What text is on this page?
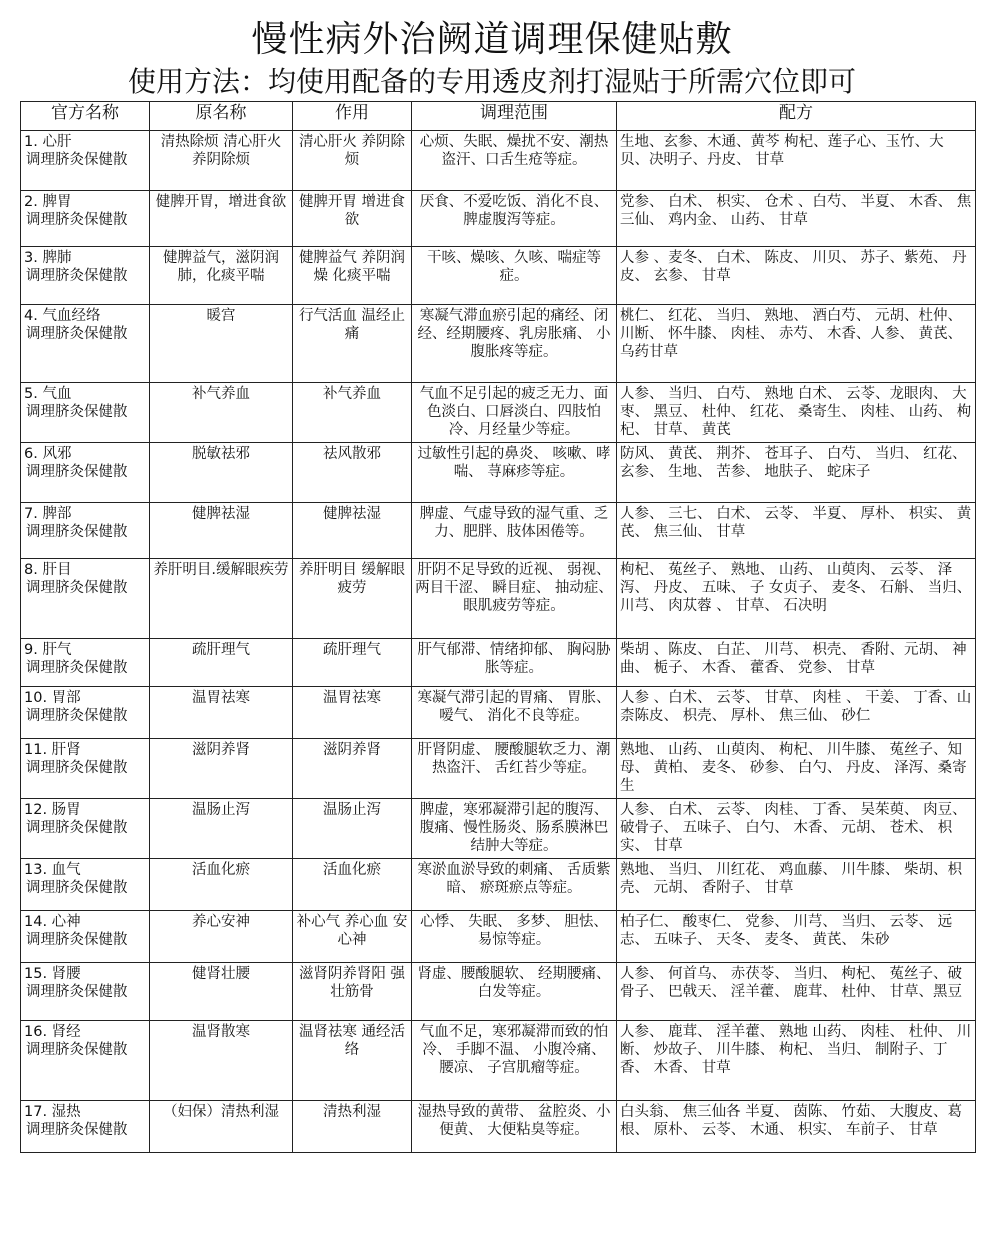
慢性病外治阙道调理保健贴敷
使用方法：均使用配备的专用透皮剂打湿贴于所需穴位即可
官方名称	原名称	作用	调理范围	配方

1. 心肝
调理脐灸保健散	清热除烦 清心肝火 养阴除烦	清心肝火 养阴除烦	心烦、失眠、燥扰不安、潮热盗汗、口舌生疮等症。	生地、玄参、木通、黄芩 枸杞、莲子心、玉竹、大贝、决明子、丹皮、 甘草

2. 脾胃
调理脐灸保健散	健脾开胃，增进食欲	健脾开胃 增进食欲	厌食、不爱吃饭、消化不良、脾虚腹泻等症。	党参、 白术、 枳实、 仓术 、白芍、 半夏、 木香、 焦三仙、 鸡内金、 山药、 甘草

3. 脾肺
调理脐灸保健散	健脾益气，滋阴润肺，化痰平喘	健脾益气 养阴润燥 化痰平喘	干咳、燥咳、久咳、喘症等症。	人参 、麦冬、 白术、 陈皮、 川贝、 苏子、紫苑、 丹皮、 玄参、 甘草

4. 气血经络
调理脐灸保健散	暖宫	行气活血 温经止痛	寒凝气滞血瘀引起的痛经、闭经、经期腰疼、乳房胀痛、 小腹胀疼等症。	桃仁、 红花、 当归、 熟地、 酒白芍、 元胡、杜仲、 川断、 怀牛膝、 肉桂、 赤芍、 木香、人参、 黄芪、 乌药甘草

5. 气血
调理脐灸保健散	补气养血	补气养血	气血不足引起的疲乏无力、面色淡白、口唇淡白、四肢怕冷、月经量少等症。	人参、 当归、 白芍、 熟地 白术、 云苓、龙眼肉、 大枣、 黑豆、 杜仲、 红花、 桑寄生、 肉桂、 山药、 枸杞、 甘草、 黄芪

6. 风邪
调理脐灸保健散	脱敏祛邪	祛风散邪	过敏性引起的鼻炎、 咳嗽、哮喘、 荨麻疹等症。	防风、 黄芪、 荆芥、 苍耳子、 白芍、 当归、 红花、玄参、 生地、 苦参、 地肤子、 蛇床子

7. 脾部
调理脐灸保健散	健脾祛湿	健脾祛湿	脾虚、气虚导致的湿气重、乏力、肥胖、肢体困倦等。	人参、 三七、 白术、 云苓、 半夏、 厚朴、 枳实、 黄芪、 焦三仙、 甘草

8. 肝目
调理脐灸保健散	养肝明目.缓解眼疾劳	养肝明目 缓解眼疲劳	肝阴不足导致的近视、 弱视、 两目干涩、 瞬目症、 抽动症、 眼肌疲劳等症。	枸杞、 菟丝子、 熟地、 山药、 山萸肉、 云苓、 泽泻、 丹皮、 五味、 子 女贞子、 麦冬、 石斛、 当归、 川芎、 肉苁蓉 、 甘草、 石决明

9. 肝气
调理脐灸保健散	疏肝理气	疏肝理气	肝气郁滞、情绪抑郁、 胸闷胁胀等症。	柴胡 、陈皮、 白芷、 川芎、 枳壳、 香附、元胡、 神曲、 栀子、 木香、 藿香、 党参、 甘草

10. 胃部
调理脐灸保健散	温胃祛寒	温胃祛寒	寒凝气滞引起的胃痛、 胃胀、 嗳气、 消化不良等症。	人参 、白术、 云苓、 甘草、 肉桂 、 干姜、 丁香、山柰陈皮、 枳壳、 厚朴、 焦三仙、 砂仁

11. 肝肾
调理脐灸保健散	滋阴养肾	滋阴养肾	肝肾阴虚、 腰酸腿软乏力、潮热盗汗、 舌红苔少等症。	熟地、 山药、 山萸肉、 枸杞、 川牛膝、 菟丝子、知母、 黄柏、 麦冬、 砂参、 白勺、 丹皮、 泽泻、桑寄生

12. 肠胃
调理脐灸保健散	温肠止泻	温肠止泻	脾虚，寒邪凝滞引起的腹泻、腹痛、慢性肠炎、肠系膜淋巴结肿大等症。	人参、 白术、 云苓、 肉桂、 丁香、 吴茱萸、 肉豆、 破骨子、 五味子、 白勺、 木香、 元胡、 苍术、 枳实、 甘草

13. 血气
调理脐灸保健散	活血化瘀	活血化瘀	寒淤血淤导致的刺痛、 舌质紫暗、 瘀斑瘀点等症。	熟地、 当归、 川红花、 鸡血藤、 川牛膝、 柴胡、枳壳、 元胡、 香附子、 甘草

14. 心神
调理脐灸保健散	养心安神	补心气 养心血 安心神	心悸、 失眠、 多梦、 胆怯、易惊等症。	柏子仁、 酸枣仁、 党参、 川芎、 当归、 云苓、 远志、 五味子、 天冬、 麦冬、 黄芪、 朱砂

15. 肾腰
调理脐灸保健散	健肾壮腰	滋肾阴养肾阳 强壮筋骨	肾虚、腰酸腿软、 经期腰痛、 白发等症。	人参、 何首乌、 赤茯苓、 当归、 枸杞、 菟丝子、破骨子、 巴戟天、 淫羊藿、 鹿茸、 杜仲、 甘草、黑豆

16. 肾经
调理脐灸保健散	温肾散寒	温肾祛寒 通经活络	气血不足，寒邪凝滞而致的怕冷、 手脚不温、 小腹冷痛、 腰凉、 子宫肌瘤等症。	人参、 鹿茸、 淫羊藿、 熟地 山药、 肉桂、 杜仲、 川断、 炒故子、 川牛膝、 枸杞、 当归、 制附子、丁香、 木香、 甘草

17. 湿热
调理脐灸保健散	（妇保）清热利湿	清热利湿	湿热导致的黄带、 盆腔炎、小便黄、 大便粘臭等症。	白头翁、 焦三仙各 半夏、 茵陈、 竹茹、 大腹皮、葛根、 原朴、 云苓、 木通、 枳实、 车前子、 甘草
